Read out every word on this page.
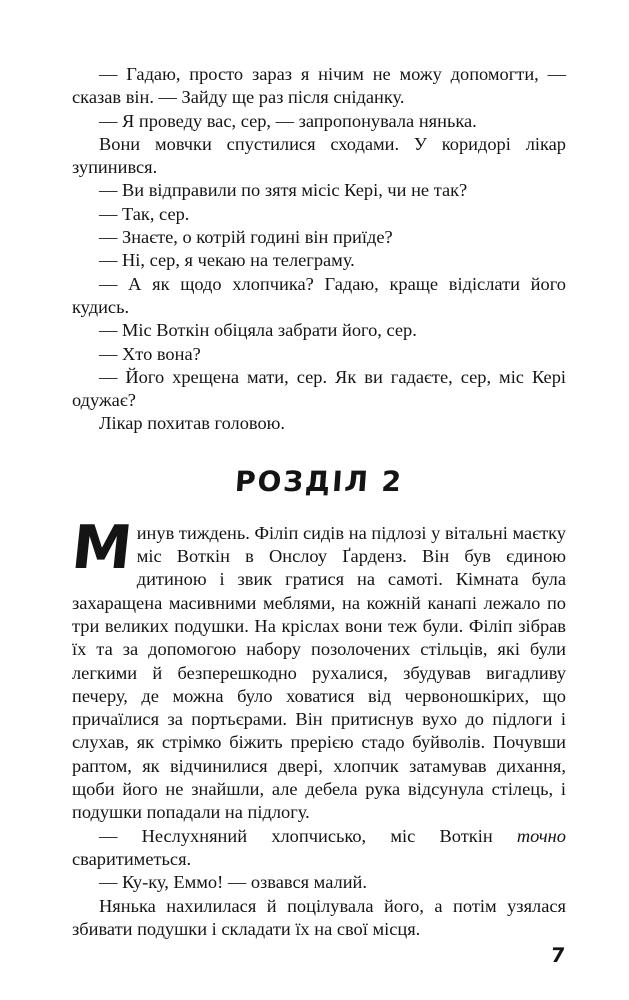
— Гадаю, просто зараз я нічим не можу допомогти, — сказав він. — Зайду ще раз після сніданку.

— Я проведу вас, сер, — запропонувала нянька.

Вони мовчки спустилися сходами. У коридорі лікар зупинився.

— Ви відправили по зятя місіс Кері, чи не так?

— Так, сер.

— Знаєте, о котрій годині він приїде?

— Ні, сер, я чекаю на телеграму.

— А як щодо хлопчика? Гадаю, краще відіслати його кудись.

— Міс Воткін обіцяла забрати його, сер.

— Хто вона?

— Його хрещена мати, сер. Як ви гадаєте, сер, міс Кері одужає?

Лікар похитав головою.

РОЗДІЛ 2

Минув тиждень. Філіп сидів на підлозі у вітальні маєтку міс Воткін в Онслоу Ґарденз. Він був єдиною дитиною і звик гратися на самоті. Кімната була захаращена масивними меблями, на кожній канапі лежало по три великих подушки. На кріслах вони теж були. Філіп зібрав їх та за допомогою набору позолочених стільців, які були легкими й безперешкодно рухалися, збудував вигадливу печеру, де можна було ховатися від червоношкірих, що причаїлися за портьєрами. Він притиснув вухо до підлоги і слухав, як стрімко біжить прерією стадо буйволів. Почувши раптом, як відчинилися двері, хлопчик затамував дихання, щоби його не знайшли, але дебела рука відсунула стілець, і подушки попадали на підлогу.

— Неслухняний хлопчисько, міс Воткін точно сваритиметься.

— Ку-ку, Еммо! — озвався малий.

Нянька нахилилася й поцілувала його, а потім узялася збивати подушки і складати їх на свої місця.

7
